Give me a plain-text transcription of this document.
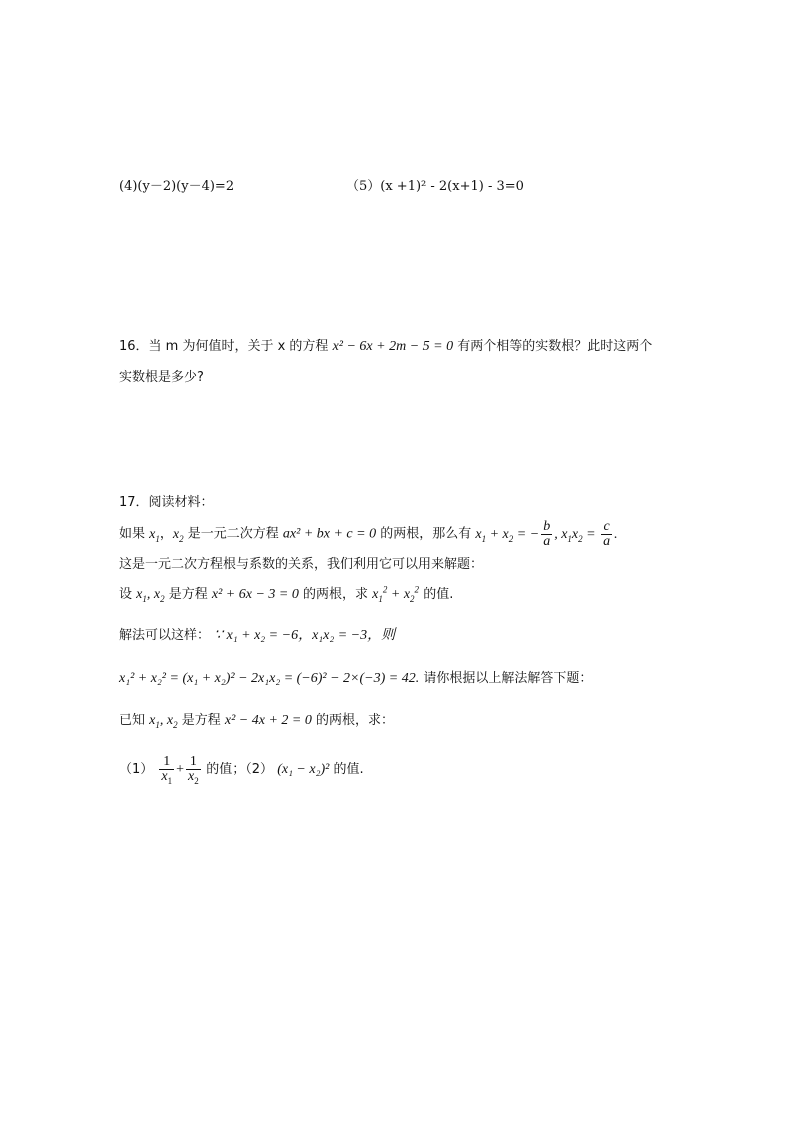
(4)(y－2)(y－4)=2	（5）(x +1)² - 2(x+1) - 3=0
16．当 m 为何值时，关于 x 的方程 x² − 6x + 2m − 5 = 0 有两个相等的实数根？此时这两个
实数根是多少?
17．阅读材料：
如果 $x_1$，$x_2$ 是一元二次方程 ax² + bx + c = 0 的两根，那么有 $x_1 + x_2$ = − $\frac{b}{a}$ , $x_1x_2 = \frac{c}{a}$ .
这是一元二次方程根与系数的关系，我们利用它可以用来解题：
设 $x_1$, $x_2$ 是方程 x² + 6x − 3 = 0 的两根，求 $x_1^2 + x_2^2$ 的值.
解法可以这样： ∵ x₁ + x₂ = −6，x₁x₂ = −3，则
x₁² + x₂² = (x₁ + x₂)² − 2x₁x₂ = (−6)² − 2×(−3) = 42. 请你根据以上解法解答下题：
已知 $x_1$, $x_2$ 是方程 x² − 4x + 2 = 0 的两根，求：
$(1) \frac{1}{x_1} + \frac{1}{x_2}$ 的值；（2） (x₁ − x₂)² 的值.
